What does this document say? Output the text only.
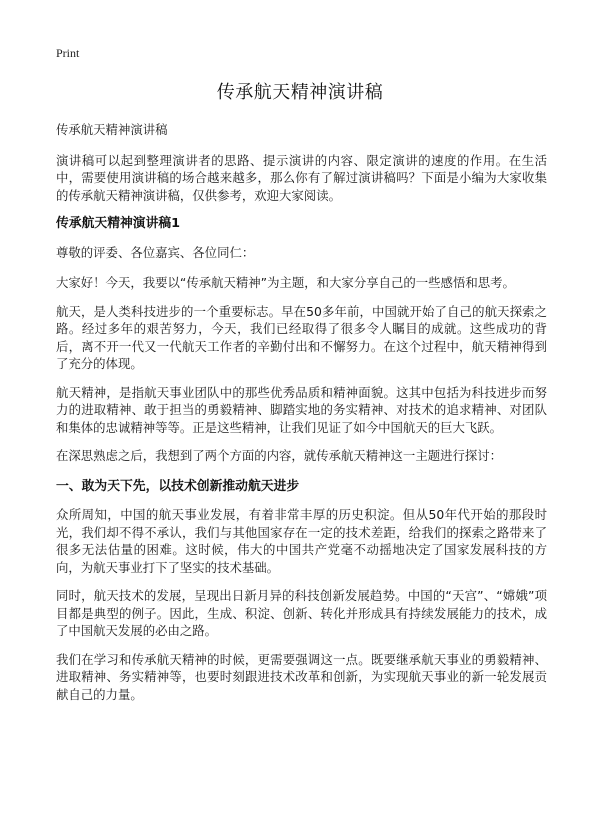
Print
传承航天精神演讲稿

传承航天精神演讲稿

演讲稿可以起到整理演讲者的思路、提示演讲的内容、限定演讲的速度的作用。在生活中，需要使用演讲稿的场合越来越多，那么你有了解过演讲稿吗？下面是小编为大家收集的传承航天精神演讲稿，仅供参考，欢迎大家阅读。

传承航天精神演讲稿1

尊敬的评委、各位嘉宾、各位同仁：

大家好！今天，我要以“传承航天精神”为主题，和大家分享自己的一些感悟和思考。

航天，是人类科技进步的一个重要标志。早在50多年前，中国就开始了自己的航天探索之路。经过多年的艰苦努力，今天，我们已经取得了很多令人瞩目的成就。这些成功的背后，离不开一代又一代航天工作者的辛勤付出和不懈努力。在这个过程中，航天精神得到了充分的体现。

航天精神，是指航天事业团队中的那些优秀品质和精神面貌。这其中包括为科技进步而努力的进取精神、敢于担当的勇毅精神、脚踏实地的务实精神、对技术的追求精神、对团队和集体的忠诚精神等等。正是这些精神，让我们见证了如今中国航天的巨大飞跃。

在深思熟虑之后，我想到了两个方面的内容，就传承航天精神这一主题进行探讨：

一、敢为天下先，以技术创新推动航天进步

众所周知，中国的航天事业发展，有着非常丰厚的历史积淀。但从50年代开始的那段时光，我们却不得不承认，我们与其他国家存在一定的技术差距，给我们的探索之路带来了很多无法估量的困难。这时候，伟大的中国共产党毫不动摇地决定了国家发展科技的方向，为航天事业打下了坚实的技术基础。

同时，航天技术的发展，呈现出日新月异的科技创新发展趋势。中国的“天宫”、“嫦娥”项目都是典型的例子。因此，生成、积淀、创新、转化并形成具有持续发展能力的技术，成了中国航天发展的必由之路。

我们在学习和传承航天精神的时候，更需要强调这一点。既要继承航天事业的勇毅精神、进取精神、务实精神等，也要时刻跟进技术改革和创新，为实现航天事业的新一轮发展贡献自己的力量。
